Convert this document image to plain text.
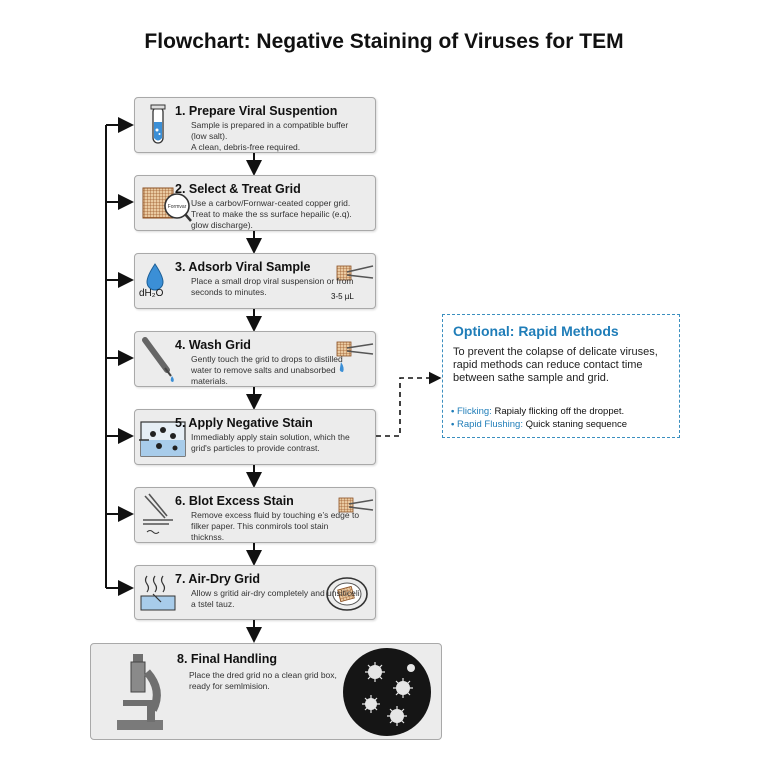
Flowchart: Negative Staining of Viruses for TEM
1. Prepare Viral Suspention
Sample is prepared in a compatible buffer (low salt).
A clean, debris-free required.
Formvar
2. Select & Treat Grid
Use a carbov/Fornwar-ceated copper grid. Treat to make the ss surface hepailic (e.q). glow discharge).
dH₂O	3-5 µL
3. Adsorb Viral Sample
Place a small drop viral suspension or from seconds to minutes.
4. Wash Grid
Gently touch the grid to drops to distilled water to remove salts and unabsorbed materials.
5. Apply Negative Stain
Immediably apply stain solution, which the grid's particles to provide contrast.
6. Blot Excess Stain
Remove excess fluid by touching e’s edge to filker paper. This conmirols tool stain thicknss.
7. Air-Dry Grid
Allow s gritid air-dry completely and unsiticeli a tstel tauz.
8. Final Handling
Place the dred grid no a clean grid box, ready for semlmision.
Optional: Rapid Methods
To prevent the colapse of delicate viruses, rapid methods can reduce contact time between sathe sample and grid.
• Flicking: Rapialy flicking off the droppet.
• Rapid Flushing: Quick staning sequence
